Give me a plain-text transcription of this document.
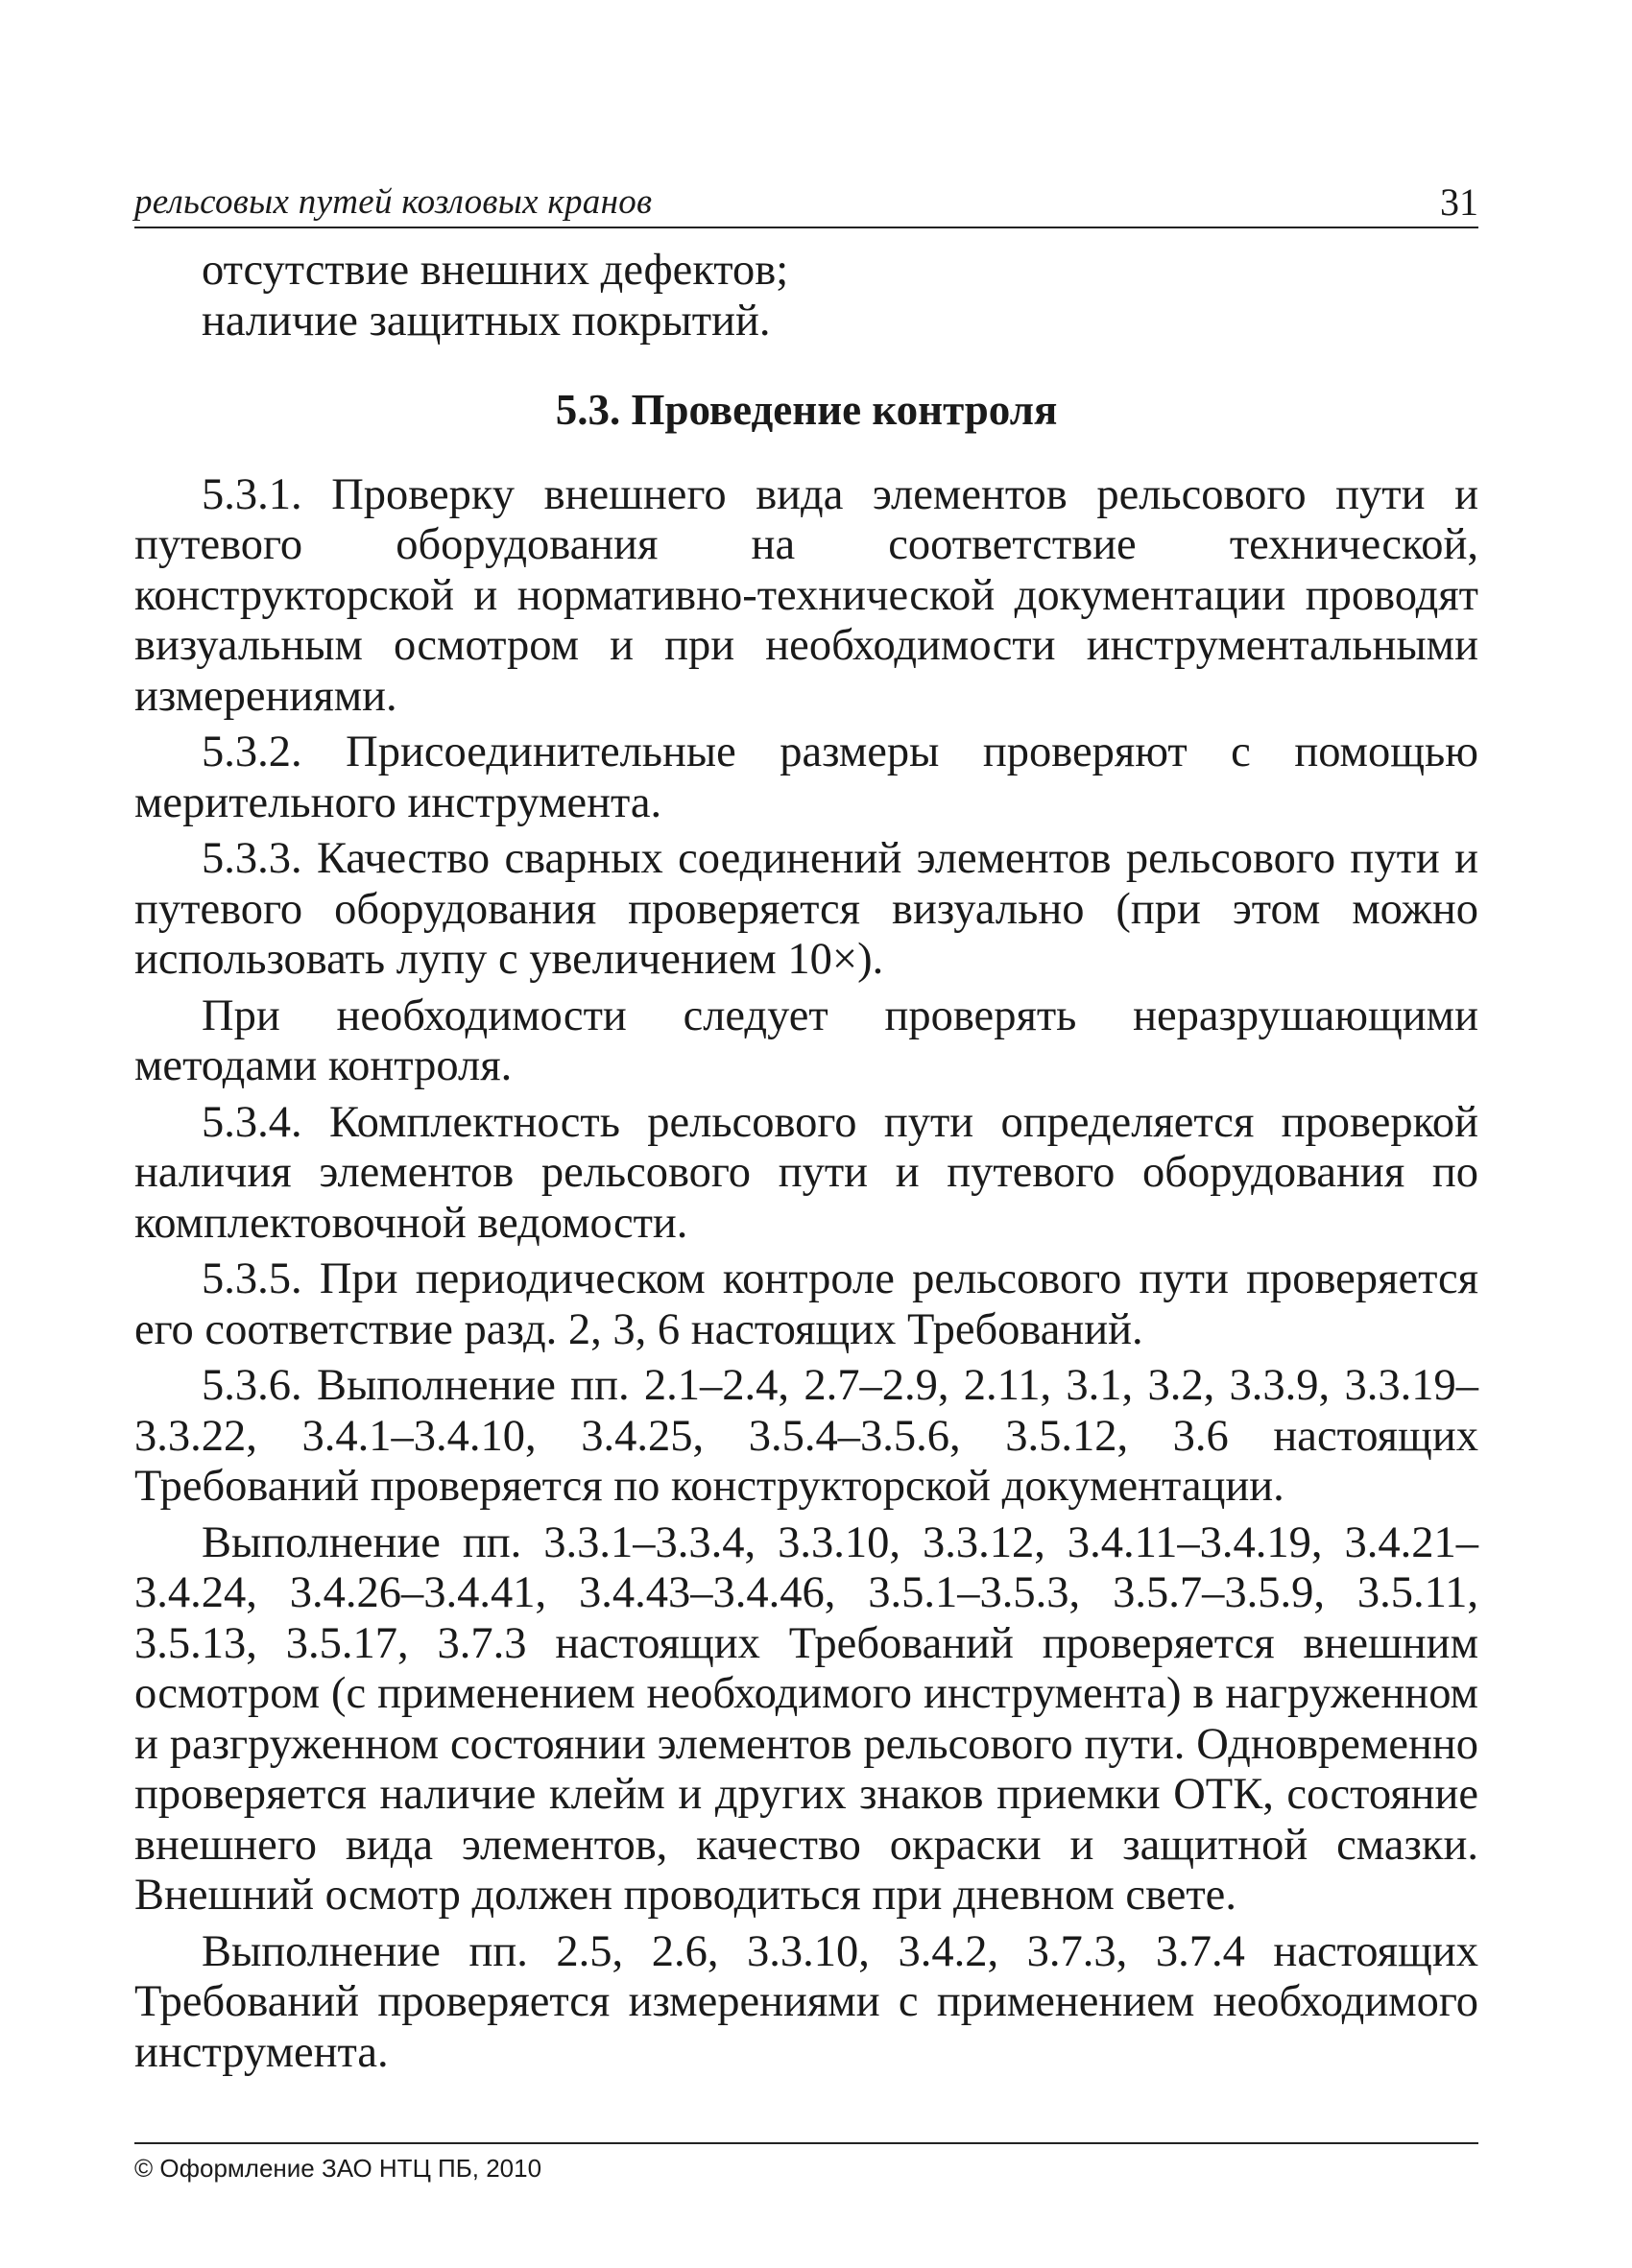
рельсовых путей козловых кранов	31

отсутствие внешних дефектов;

наличие защитных покрытий.

5.3. Проведение контроля

5.3.1. Проверку внешнего вида элементов рельсового пути и путевого оборудования на соответствие технической, конструкторской и нормативно-технической документации проводят визуальным осмотром и при необходимости инструментальными измерениями.

5.3.2. Присоединительные размеры проверяют с помощью мерительного инструмента.

5.3.3. Качество сварных соединений элементов рельсового пути и путевого оборудования проверяется визуально (при этом можно использовать лупу с увеличением 10×).

При необходимости следует проверять неразрушающими методами контроля.

5.3.4. Комплектность рельсового пути определяется проверкой наличия элементов рельсового пути и путевого оборудования по комплектовочной ведомости.

5.3.5. При периодическом контроле рельсового пути проверяется его соответствие разд. 2, 3, 6 настоящих Требований.

5.3.6. Выполнение пп. 2.1–2.4, 2.7–2.9, 2.11, 3.1, 3.2, 3.3.9, 3.3.19–3.3.22, 3.4.1–3.4.10, 3.4.25, 3.5.4–3.5.6, 3.5.12, 3.6 настоящих Требований проверяется по конструкторской документации.

Выполнение пп. 3.3.1–3.3.4, 3.3.10, 3.3.12, 3.4.11–3.4.19, 3.4.21–3.4.24, 3.4.26–3.4.41, 3.4.43–3.4.46, 3.5.1–3.5.3, 3.5.7–3.5.9, 3.5.11, 3.5.13, 3.5.17, 3.7.3 настоящих Требований проверяется внешним осмотром (с применением необходимого инструмента) в нагруженном и разгруженном состоянии элементов рельсового пути. Одновременно проверяется наличие клейм и других знаков приемки ОТК, состояние внешнего вида элементов, качество окраски и защитной смазки. Внешний осмотр должен проводиться при дневном свете.

Выполнение пп. 2.5, 2.6, 3.3.10, 3.4.2, 3.7.3, 3.7.4 настоящих Требований проверяется измерениями с применением необходимого инструмента.

© Оформление ЗАО НТЦ ПБ, 2010
